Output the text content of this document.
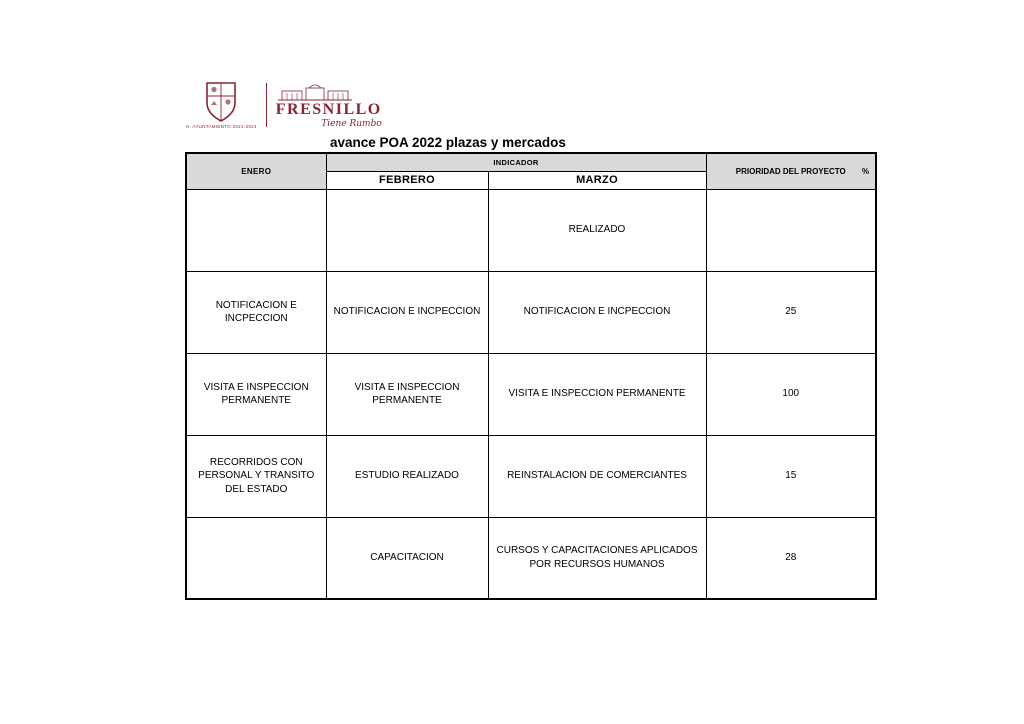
H. AYUNTAMIENTO 2021-2024
FRESNILLO
Tiene Rumbo
avance POA 2022 plazas y mercados
ENERO	INDICADOR		PRIORIDAD DEL PROYECTO %

	FEBRERO	MARZO	
		REALIZADO	
NOTIFICACION E INCPECCION	NOTIFICACION E INCPECCION	NOTIFICACION E INCPECCION	25
VISITA E INSPECCION PERMANENTE	VISITA E INSPECCION PERMANENTE	VISITA E INSPECCION PERMANENTE	100
RECORRIDOS CON PERSONAL Y TRANSITO DEL ESTADO	ESTUDIO REALIZADO	REINSTALACION DE COMERCIANTES	15
	CAPACITACION	CURSOS Y CAPACITACIONES APLICADOS POR RECURSOS HUMANOS	28
